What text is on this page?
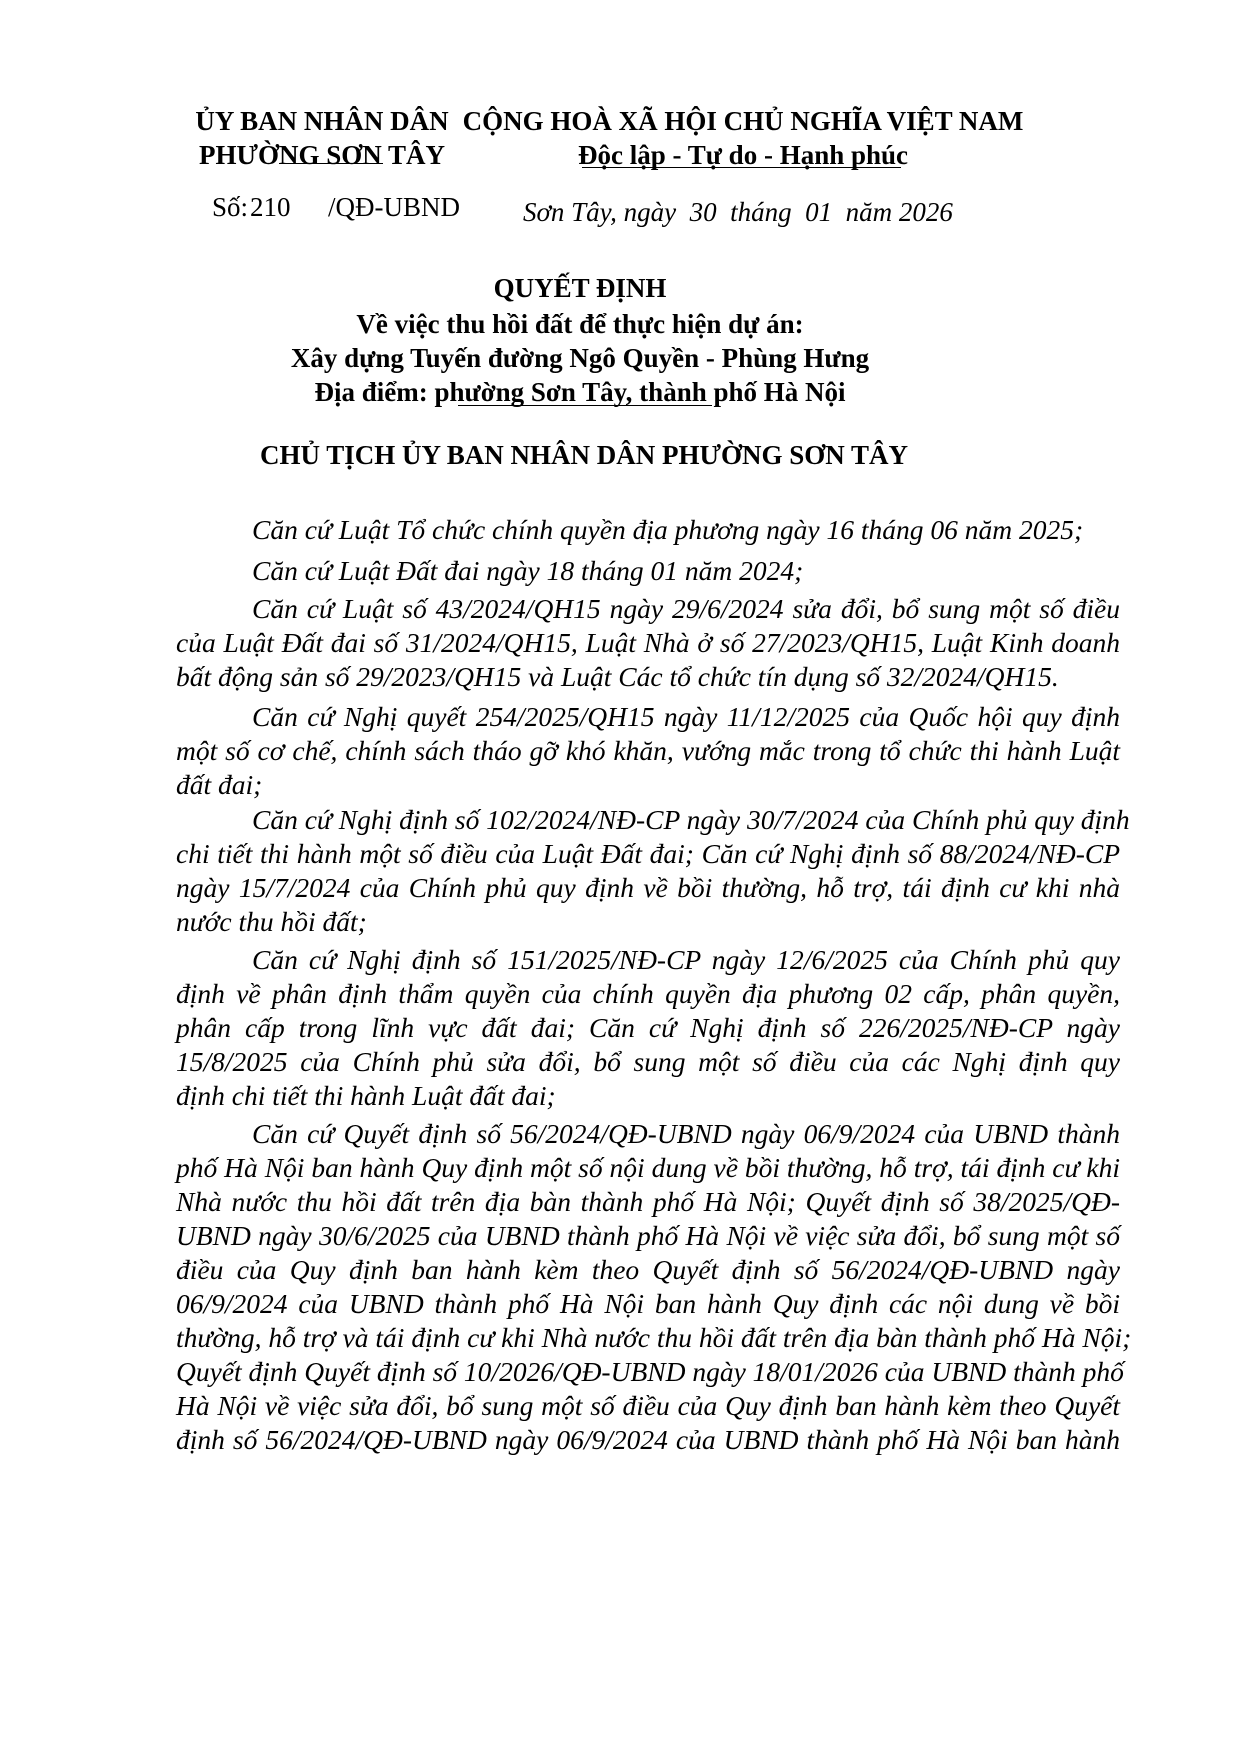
ỦY BAN NHÂN DÂN
PHƯỜNG SƠN TÂY
CỘNG HOÀ XÃ HỘI CHỦ NGHĨA VIỆT NAM
Độc lập - Tự do - Hạnh phúc
Số: 210 /QĐ-UBND Sơn Tây, ngày  30  tháng  01  năm 2026
QUYẾT ĐỊNH
Về việc thu hồi đất để thực hiện dự án:
Xây dựng Tuyến đường Ngô Quyền - Phùng Hưng
Địa điểm: phường Sơn Tây, thành phố Hà Nội
CHỦ TỊCH ỦY BAN NHÂN DÂN PHƯỜNG SƠN TÂY
Căn cứ Luật Tổ chức chính quyền địa phương ngày 16 tháng 06 năm 2025;
Căn cứ Luật Đất đai ngày 18 tháng 01 năm 2024;
Căn cứ Luật số 43/2024/QH15 ngày 29/6/2024 sửa đổi, bổ sung một số điều
của Luật Đất đai số 31/2024/QH15, Luật Nhà ở số 27/2023/QH15, Luật Kinh doanh
bất động sản số 29/2023/QH15 và Luật Các tổ chức tín dụng số 32/2024/QH15.
Căn cứ Nghị quyết 254/2025/QH15 ngày 11/12/2025 của Quốc hội quy định
một số cơ chế, chính sách tháo gỡ khó khăn, vướng mắc trong tổ chức thi hành Luật
đất đai;
Căn cứ Nghị định số 102/2024/NĐ-CP ngày 30/7/2024 của Chính phủ quy định
chi tiết thi hành một số điều của Luật Đất đai; Căn cứ Nghị định số 88/2024/NĐ-CP
ngày 15/7/2024 của Chính phủ quy định về bồi thường, hỗ trợ, tái định cư khi nhà
nước thu hồi đất;
Căn cứ Nghị định số 151/2025/NĐ-CP ngày 12/6/2025 của Chính phủ quy
định về phân định thẩm quyền của chính quyền địa phương 02 cấp, phân quyền,
phân cấp trong lĩnh vực đất đai; Căn cứ Nghị định số 226/2025/NĐ-CP ngày
15/8/2025 của Chính phủ sửa đổi, bổ sung một số điều của các Nghị định quy
định chi tiết thi hành Luật đất đai;
Căn cứ Quyết định số 56/2024/QĐ-UBND ngày 06/9/2024 của UBND thành
phố Hà Nội ban hành Quy định một số nội dung về bồi thường, hỗ trợ, tái định cư khi
Nhà nước thu hồi đất trên địa bàn thành phố Hà Nội; Quyết định số 38/2025/QĐ-
UBND ngày 30/6/2025 của UBND thành phố Hà Nội về việc sửa đổi, bổ sung một số
điều của Quy định ban hành kèm theo Quyết định số 56/2024/QĐ-UBND ngày
06/9/2024 của UBND thành phố Hà Nội ban hành Quy định các nội dung về bồi
thường, hỗ trợ và tái định cư khi Nhà nước thu hồi đất trên địa bàn thành phố Hà Nội;
Quyết định Quyết định số 10/2026/QĐ-UBND ngày 18/01/2026 của UBND thành phố
Hà Nội về việc sửa đổi, bổ sung một số điều của Quy định ban hành kèm theo Quyết
định số 56/2024/QĐ-UBND ngày 06/9/2024 của UBND thành phố Hà Nội ban hành
